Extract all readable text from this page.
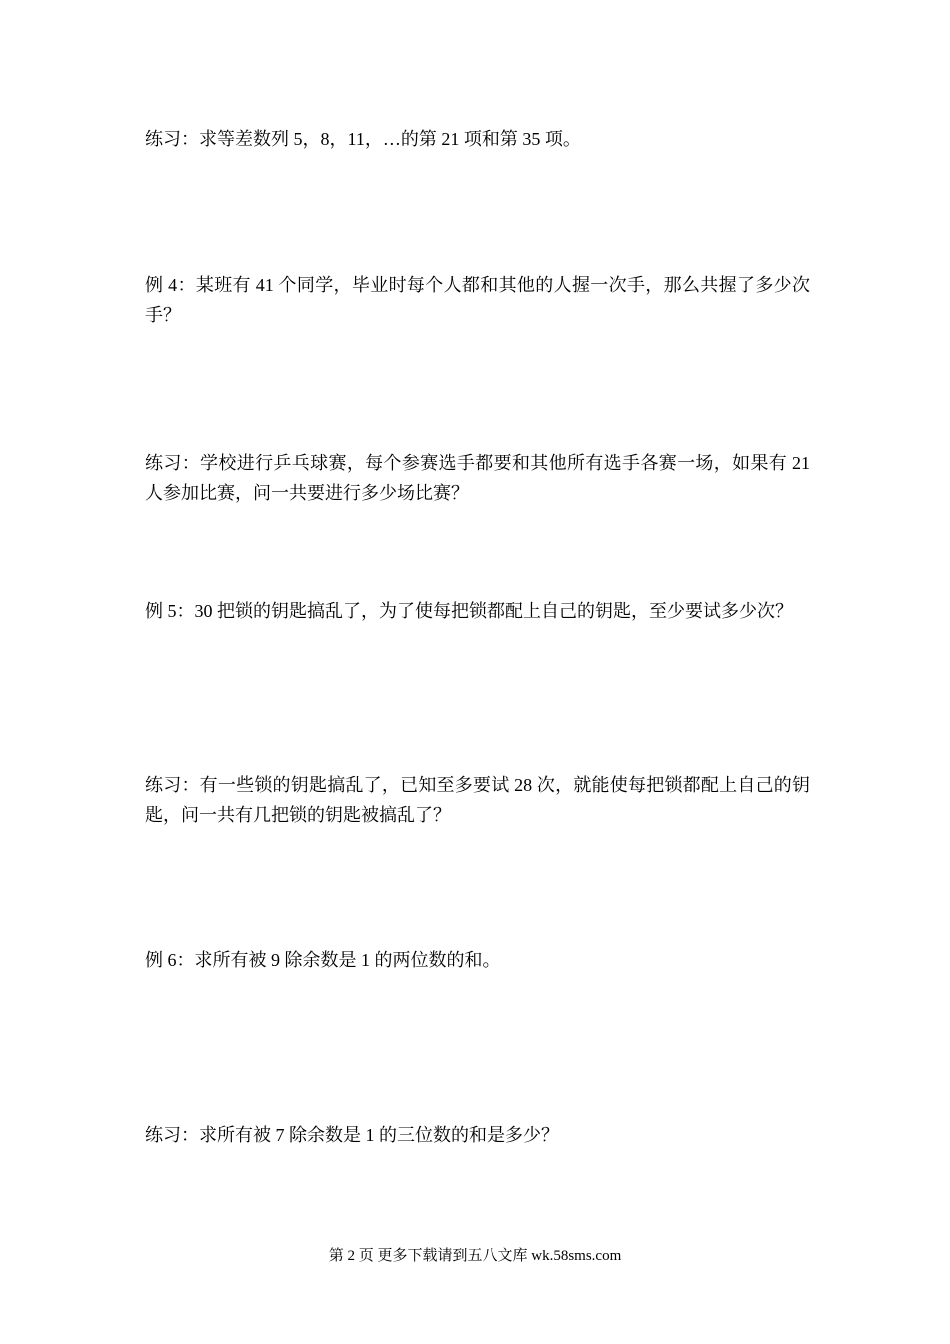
练习：求等差数列 5，8，11，…的第 21 项和第 35 项。

例 4：某班有 41 个同学，毕业时每个人都和其他的人握一次手，那么共握了多少次手？

练习：学校进行乒乓球赛，每个参赛选手都要和其他所有选手各赛一场，如果有 21 人参加比赛，问一共要进行多少场比赛？

例 5：30 把锁的钥匙搞乱了，为了使每把锁都配上自己的钥匙，至少要试多少次？

练习：有一些锁的钥匙搞乱了，已知至多要试 28 次，就能使每把锁都配上自己的钥匙，问一共有几把锁的钥匙被搞乱了？

例 6：求所有被 9 除余数是 1 的两位数的和。

练习：求所有被 7 除余数是 1 的三位数的和是多少？

第 2 页 更多下载请到五八文库 wk.58sms.com
